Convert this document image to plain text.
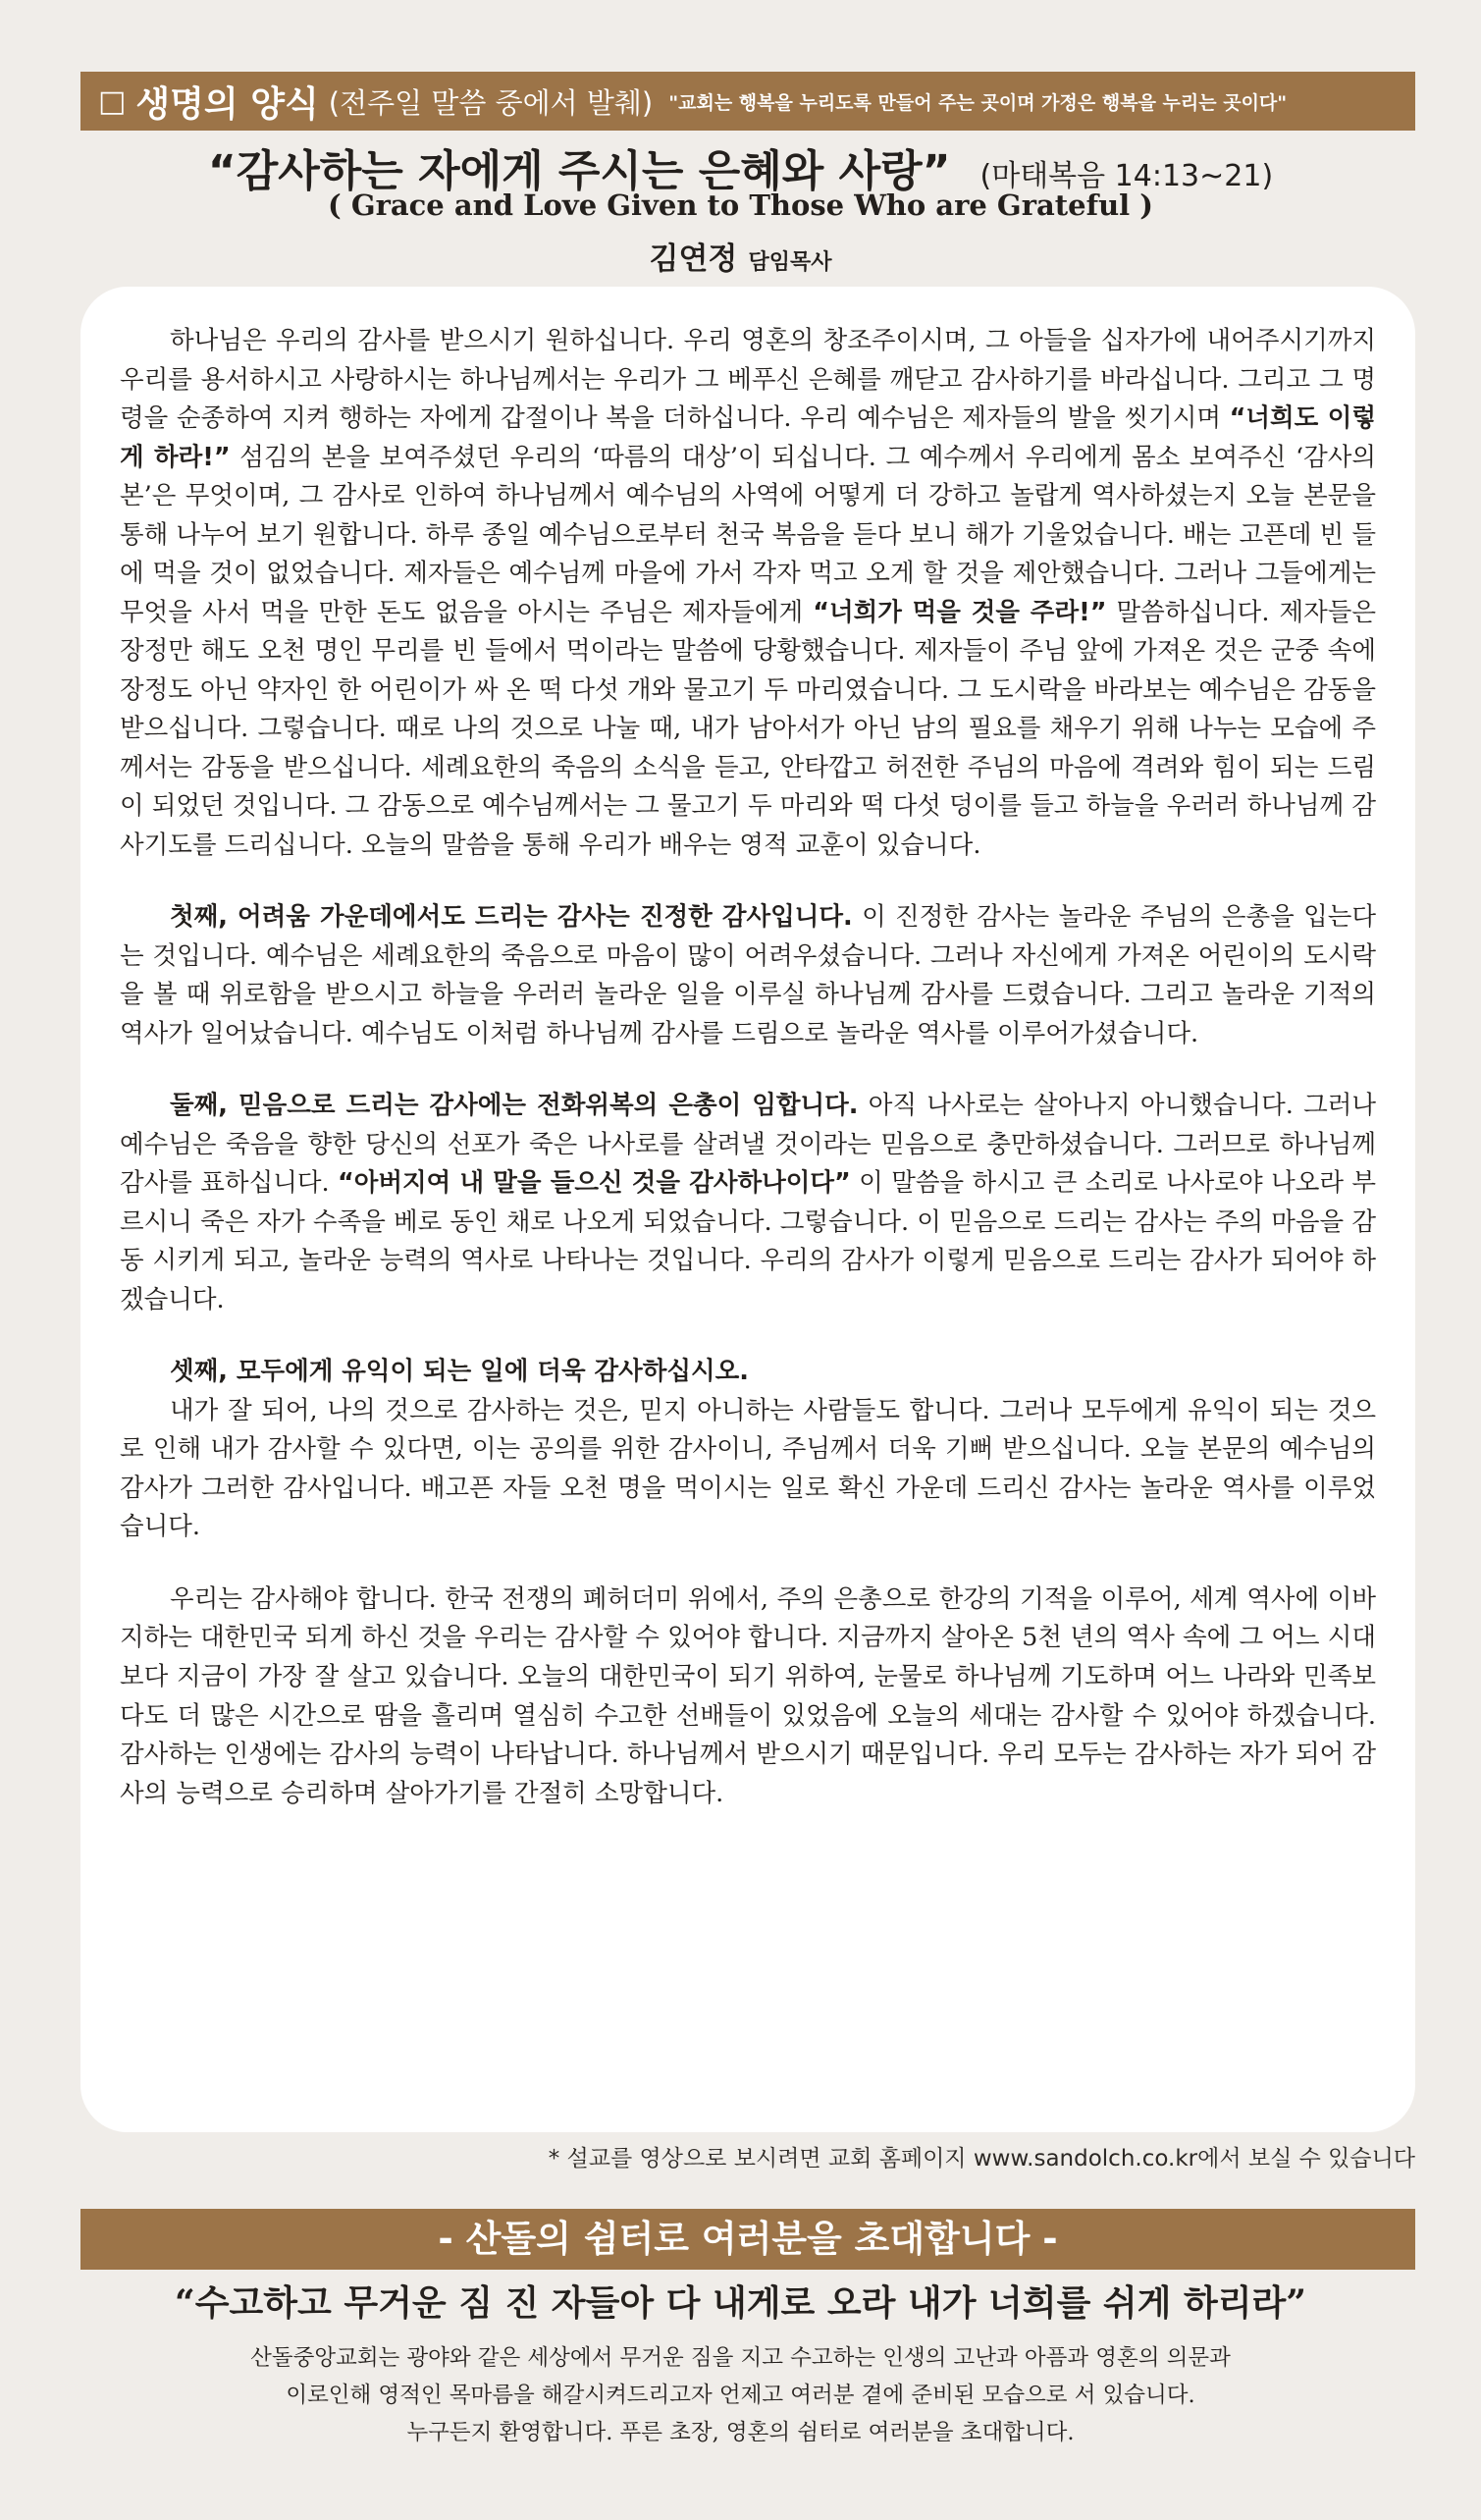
□ 생명의 양식 (전주일 말씀 중에서 발췌) "교회는 행복을 누리도록 만들어 주는 곳이며 가정은 행복을 누리는 곳이다"
“감사하는 자에게 주시는 은혜와 사랑” (마태복음 14:13~21)
( Grace and Love Given to Those Who are Grateful )
김연정 담임목사

하나님은 우리의 감사를 받으시기 원하십니다. 우리 영혼의 창조주이시며, 그 아들을 십자가에 내어주시기까지 우리를 용서하시고 사랑하시는 하나님께서는 우리가 그 베푸신 은혜를 깨닫고 감사하기를 바라십니다. 그리고 그 명령을 순종하여 지켜 행하는 자에게 갑절이나 복을 더하십니다. 우리 예수님은 제자들의 발을 씻기시며 “너희도 이렇게 하라!” 섬김의 본을 보여주셨던 우리의 ‘따름의 대상’이 되십니다. 그 예수께서 우리에게 몸소 보여주신 ‘감사의 본’은 무엇이며, 그 감사로 인하여 하나님께서 예수님의 사역에 어떻게 더 강하고 놀랍게 역사하셨는지 오늘 본문을 통해 나누어 보기 원합니다. 하루 종일 예수님으로부터 천국 복음을 듣다 보니 해가 기울었습니다. 배는 고픈데 빈 들에 먹을 것이 없었습니다. 제자들은 예수님께 마을에 가서 각자 먹고 오게 할 것을 제안했습니다. 그러나 그들에게는 무엇을 사서 먹을 만한 돈도 없음을 아시는 주님은 제자들에게 “너희가 먹을 것을 주라!” 말씀하십니다. 제자들은 장정만 해도 오천 명인 무리를 빈 들에서 먹이라는 말씀에 당황했습니다. 제자들이 주님 앞에 가져온 것은 군중 속에 장정도 아닌 약자인 한 어린이가 싸 온 떡 다섯 개와 물고기 두 마리였습니다. 그 도시락을 바라보는 예수님은 감동을 받으십니다. 그렇습니다. 때로 나의 것으로 나눌 때, 내가 남아서가 아닌 남의 필요를 채우기 위해 나누는 모습에 주께서는 감동을 받으십니다. 세례요한의 죽음의 소식을 듣고, 안타깝고 허전한 주님의 마음에 격려와 힘이 되는 드림이 되었던 것입니다. 그 감동으로 예수님께서는 그 물고기 두 마리와 떡 다섯 덩이를 들고 하늘을 우러러 하나님께 감사기도를 드리십니다. 오늘의 말씀을 통해 우리가 배우는 영적 교훈이 있습니다.

첫째, 어려움 가운데에서도 드리는 감사는 진정한 감사입니다. 이 진정한 감사는 놀라운 주님의 은총을 입는다는 것입니다. 예수님은 세례요한의 죽음으로 마음이 많이 어려우셨습니다. 그러나 자신에게 가져온 어린이의 도시락을 볼 때 위로함을 받으시고 하늘을 우러러 놀라운 일을 이루실 하나님께 감사를 드렸습니다. 그리고 놀라운 기적의 역사가 일어났습니다. 예수님도 이처럼 하나님께 감사를 드림으로 놀라운 역사를 이루어가셨습니다.

둘째, 믿음으로 드리는 감사에는 전화위복의 은총이 임합니다. 아직 나사로는 살아나지 아니했습니다. 그러나 예수님은 죽음을 향한 당신의 선포가 죽은 나사로를 살려낼 것이라는 믿음으로 충만하셨습니다. 그러므로 하나님께 감사를 표하십니다. “아버지여 내 말을 들으신 것을 감사하나이다” 이 말씀을 하시고 큰 소리로 나사로야 나오라 부르시니 죽은 자가 수족을 베로 동인 채로 나오게 되었습니다. 그렇습니다. 이 믿음으로 드리는 감사는 주의 마음을 감동 시키게 되고, 놀라운 능력의 역사로 나타나는 것입니다. 우리의 감사가 이렇게 믿음으로 드리는 감사가 되어야 하겠습니다.

셋째, 모두에게 유익이 되는 일에 더욱 감사하십시오.

내가 잘 되어, 나의 것으로 감사하는 것은, 믿지 아니하는 사람들도 합니다. 그러나 모두에게 유익이 되는 것으로 인해 내가 감사할 수 있다면, 이는 공의를 위한 감사이니, 주님께서 더욱 기뻐 받으십니다. 오늘 본문의 예수님의 감사가 그러한 감사입니다. 배고픈 자들 오천 명을 먹이시는 일로 확신 가운데 드리신 감사는 놀라운 역사를 이루었습니다.

우리는 감사해야 합니다. 한국 전쟁의 폐허더미 위에서, 주의 은총으로 한강의 기적을 이루어, 세계 역사에 이바지하는 대한민국 되게 하신 것을 우리는 감사할 수 있어야 합니다. 지금까지 살아온 5천 년의 역사 속에 그 어느 시대보다 지금이 가장 잘 살고 있습니다. 오늘의 대한민국이 되기 위하여, 눈물로 하나님께 기도하며 어느 나라와 민족보다도 더 많은 시간으로 땀을 흘리며 열심히 수고한 선배들이 있었음에 오늘의 세대는 감사할 수 있어야 하겠습니다. 감사하는 인생에는 감사의 능력이 나타납니다. 하나님께서 받으시기 때문입니다. 우리 모두는 감사하는 자가 되어 감사의 능력으로 승리하며 살아가기를 간절히 소망합니다.

* 설교를 영상으로 보시려면 교회 홈페이지 www.sandolch.co.kr에서 보실 수 있습니다
- 산돌의 쉼터로 여러분을 초대합니다 -
“수고하고 무거운 짐 진 자들아 다 내게로 오라 내가 너희를 쉬게 하리라”
산돌중앙교회는 광야와 같은 세상에서 무거운 짐을 지고 수고하는 인생의 고난과 아픔과 영혼의 의문과
이로인해 영적인 목마름을 해갈시켜드리고자 언제고 여러분 곁에 준비된 모습으로 서 있습니다.
누구든지 환영합니다. 푸른 초장, 영혼의 쉼터로 여러분을 초대합니다.
